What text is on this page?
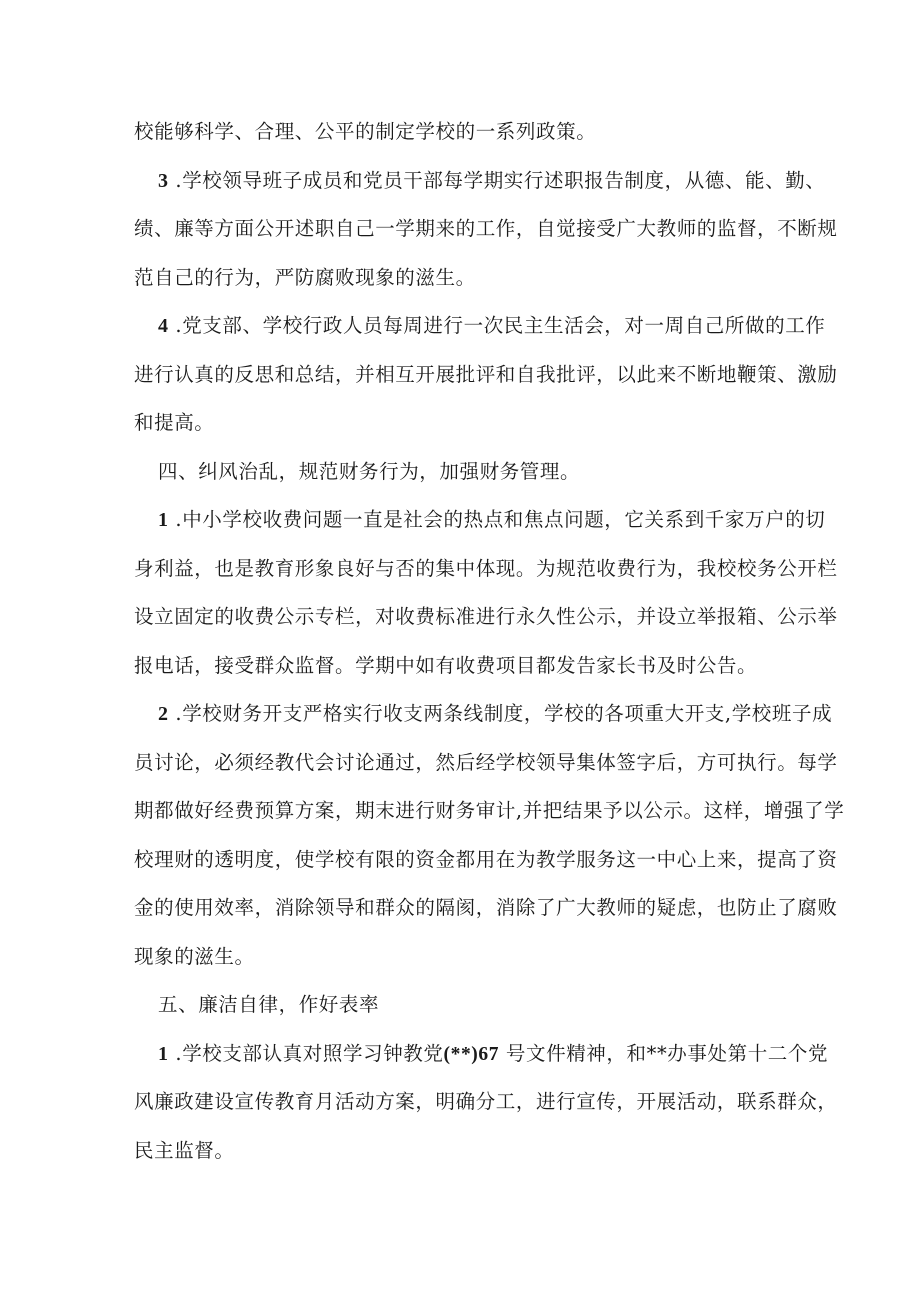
校能够科学、合理、公平的制定学校的一系列政策。
3 .学校领导班子成员和党员干部每学期实行述职报告制度，从德、能、勤、
绩、廉等方面公开述职自己一学期来的工作，自觉接受广大教师的监督，不断规
范自己的行为，严防腐败现象的滋生。
4 .党支部、学校行政人员每周进行一次民主生活会，对一周自己所做的工作
进行认真的反思和总结，并相互开展批评和自我批评，以此来不断地鞭策、激励
和提高。
四、纠风治乱，规范财务行为，加强财务管理。
1 .中小学校收费问题一直是社会的热点和焦点问题，它关系到千家万户的切
身利益，也是教育形象良好与否的集中体现。为规范收费行为，我校校务公开栏
设立固定的收费公示专栏，对收费标准进行永久性公示，并设立举报箱、公示举
报电话，接受群众监督。学期中如有收费项目都发告家长书及时公告。
2 .学校财务开支严格实行收支两条线制度，学校的各项重大开支,学校班子成
员讨论，必须经教代会讨论通过，然后经学校领导集体签字后，方可执行。每学
期都做好经费预算方案，期末进行财务审计,并把结果予以公示。这样，增强了学
校理财的透明度，使学校有限的资金都用在为教学服务这一中心上来，提高了资
金的使用效率，消除领导和群众的隔阂，消除了广大教师的疑虑，也防止了腐败
现象的滋生。
五、廉洁自律，作好表率
1 .学校支部认真对照学习钟教党(**)67 号文件精神，和**办事处第十二个党
风廉政建设宣传教育月活动方案，明确分工，进行宣传，开展活动，联系群众，
民主监督。
